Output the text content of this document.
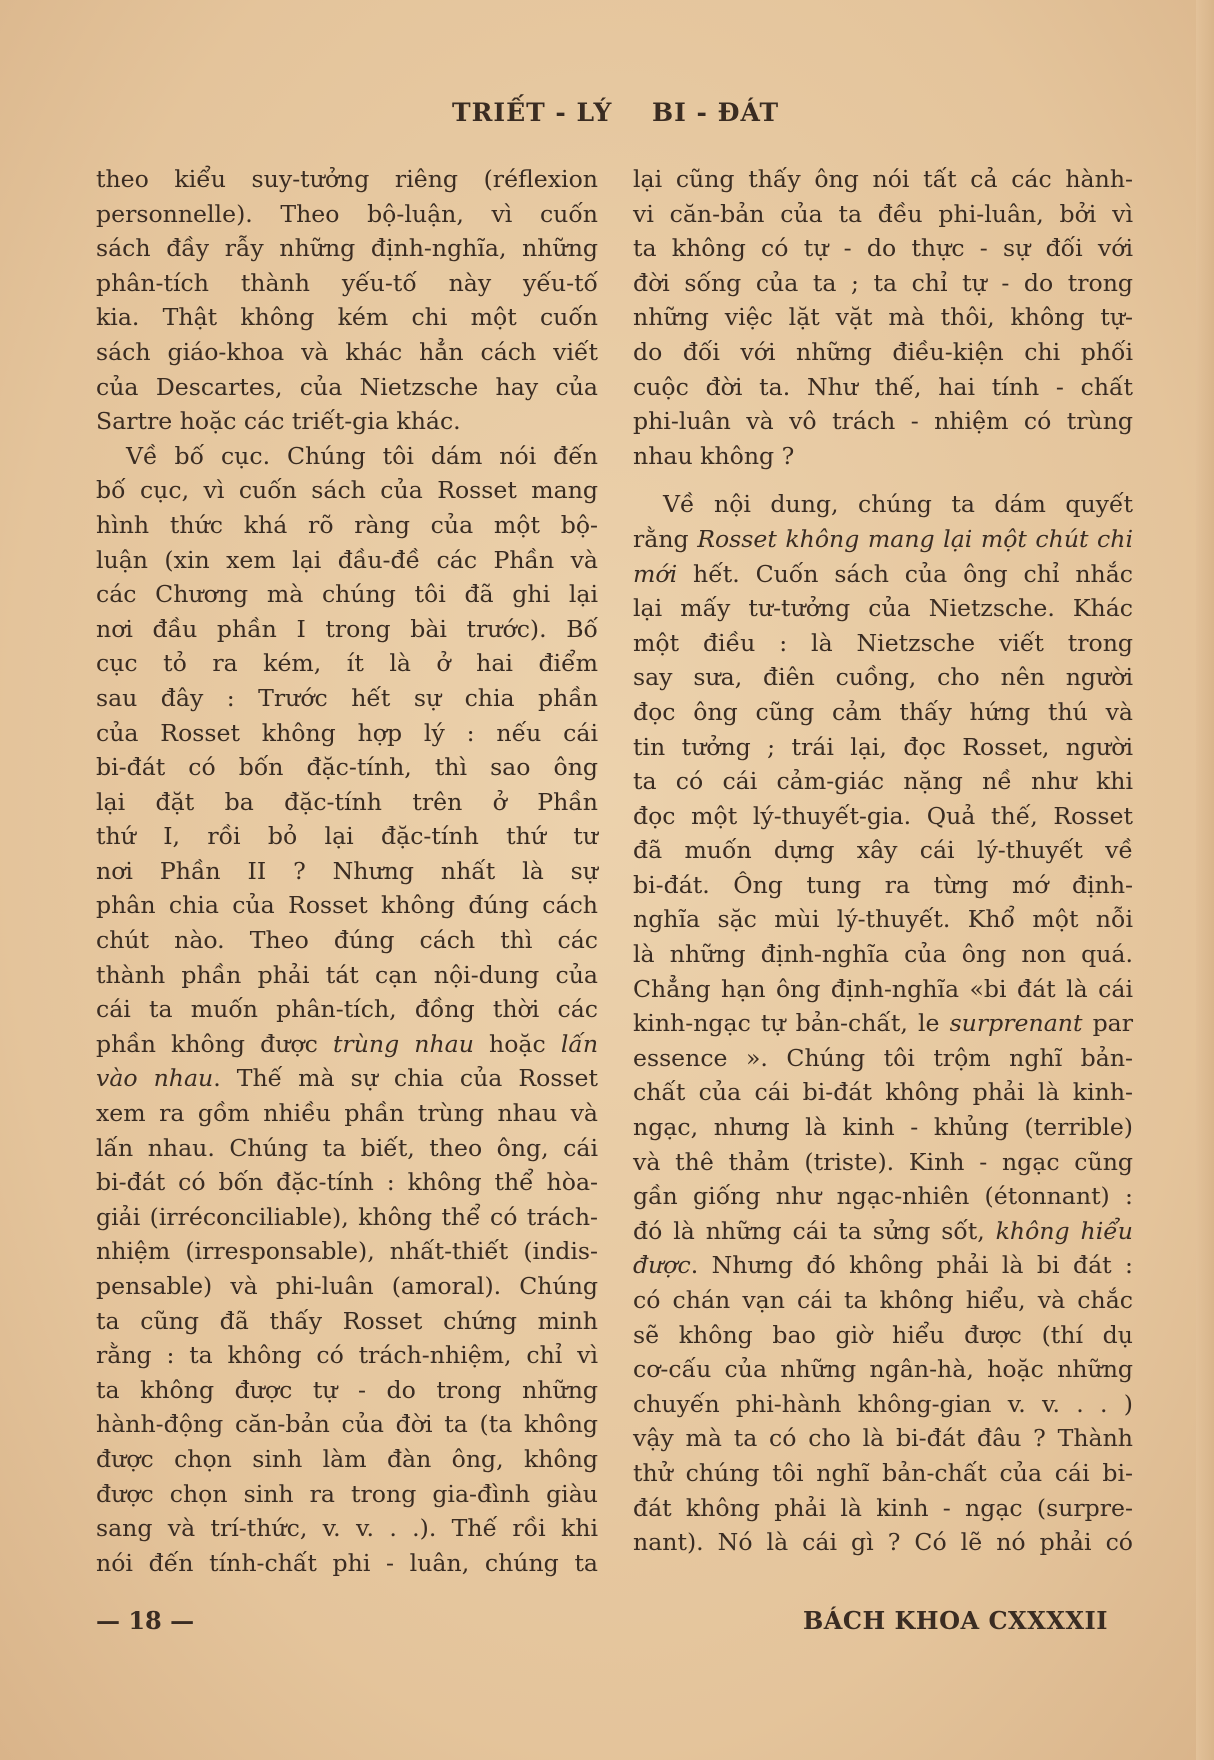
TRIẾT - LÝ BI - ĐÁT

theo kiểu suy-tưởng riêng (réflexion

personnelle). Theo bộ-luận, vì cuốn

sách đầy rẫy những định-nghĩa, những

phân-tích thành yếu-tố này yếu-tố

kia. Thật không kém chi một cuốn

sách giáo-khoa và khác hẳn cách viết

của Descartes, của Nietzsche hay của

Sartre hoặc các triết-gia khác.

Về bố cục. Chúng tôi dám nói đến

bố cục, vì cuốn sách của Rosset mang

hình thức khá rõ ràng của một bộ-

luận (xin xem lại đầu-đề các Phần và

các Chương mà chúng tôi đã ghi lại

nơi đầu phần I trong bài trước). Bố

cục tỏ ra kém, ít là ở hai điểm

sau đây : Trước hết sự chia phần

của Rosset không hợp lý : nếu cái

bi-đát có bốn đặc-tính, thì sao ông

lại đặt ba đặc-tính trên ở Phần

thứ I, rồi bỏ lại đặc-tính thứ tư

nơi Phần II ? Nhưng nhất là sự

phân chia của Rosset không đúng cách

chút nào. Theo đúng cách thì các

thành phần phải tát cạn nội-dung của

cái ta muốn phân-tích, đồng thời các

phần không được trùng nhau hoặc lấn

vào nhau. Thế mà sự chia của Rosset

xem ra gồm nhiều phần trùng nhau và

lấn nhau. Chúng ta biết, theo ông, cái

bi-đát có bốn đặc-tính : không thể hòa-

giải (irréconciliable), không thể có trách-

nhiệm (irresponsable), nhất-thiết (indis-

pensable) và phi-luân (amoral). Chúng

ta cũng đã thấy Rosset chứng minh

rằng : ta không có trách-nhiệm, chỉ vì

ta không được tự - do trong những

hành-động căn-bản của đời ta (ta không

được chọn sinh làm đàn ông, không

được chọn sinh ra trong gia-đình giàu

sang và trí-thức, v. v. . .). Thế rồi khi

nói đến tính-chất phi - luân, chúng ta

lại cũng thấy ông nói tất cả các hành-

vi căn-bản của ta đều phi-luân, bởi vì

ta không có tự - do thực - sự đối với

đời sống của ta ; ta chỉ tự - do trong

những việc lặt vặt mà thôi, không tự-

do đối với những điều-kiện chi phối

cuộc đời ta. Như thế, hai tính - chất

phi-luân và vô trách - nhiệm có trùng

nhau không ?

Về nội dung, chúng ta dám quyết

rằng Rosset không mang lại một chút chi

mới hết. Cuốn sách của ông chỉ nhắc

lại mấy tư-tưởng của Nietzsche. Khác

một điều : là Nietzsche viết trong

say sưa, điên cuồng, cho nên người

đọc ông cũng cảm thấy hứng thú và

tin tưởng ; trái lại, đọc Rosset, người

ta có cái cảm-giác nặng nề như khi

đọc một lý-thuyết-gia. Quả thế, Rosset

đã muốn dựng xây cái lý-thuyết về

bi-đát. Ông tung ra từng mớ định-

nghĩa sặc mùi lý-thuyết. Khổ một nỗi

là những định-nghĩa của ông non quá.

Chẳng hạn ông định-nghĩa «bi đát là cái

kinh-ngạc tự bản-chất, le surprenant par

essence ». Chúng tôi trộm nghĩ bản-

chất của cái bi-đát không phải là kinh-

ngạc, nhưng là kinh - khủng (terrible)

và thê thảm (triste). Kinh - ngạc cũng

gần giống như ngạc-nhiên (étonnant) :

đó là những cái ta sửng sốt, không hiểu

được. Nhưng đó không phải là bi đát :

có chán vạn cái ta không hiểu, và chắc

sẽ không bao giờ hiểu được (thí dụ

cơ-cấu của những ngân-hà, hoặc những

chuyến phi-hành không-gian v. v. . . )

vậy mà ta có cho là bi-đát đâu ? Thành

thử chúng tôi nghĩ bản-chất của cái bi-

đát không phải là kinh - ngạc (surpre-

nant). Nó là cái gì ? Có lẽ nó phải có

— 18 —	BÁCH KHOA CXXXXII
